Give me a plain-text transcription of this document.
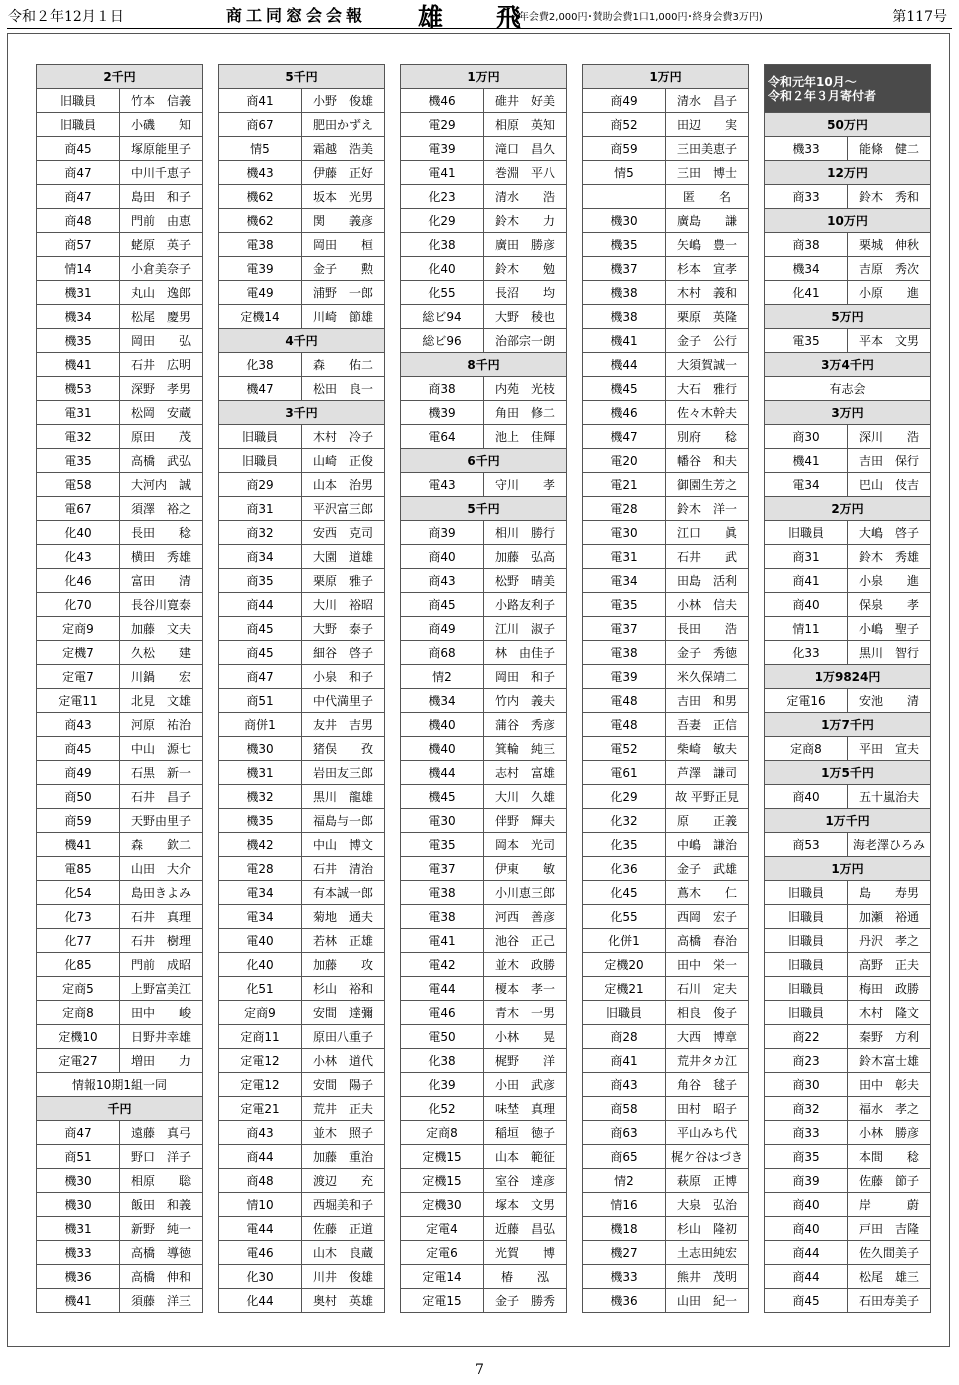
令和２年12月１日	商工同窓会会報 雄　飛
(年会費2,000円･賛助会費1口1,000円･終身会費3万円)	第117号
2千円	
旧職員	竹本　信義
旧職員	小磯　　知
商45	塚原能里子
商47	中川千恵子
商47	島田　和子
商48	門前　由恵
商57	蛯原　英子
情14	小倉美奈子
機31	丸山　逸郎
機34	松尾　慶男
機35	岡田　　弘
機41	石井　広明
機53	深野　孝男
電31	松岡　安蔵
電32	原田　　茂
電35	高橋　武弘
電58	大河内　誠
電67	須澤　裕之
化40	長田　　稔
化43	横田　秀雄
化46	富田　　清
化70	長谷川寛泰
定商9	加藤　文夫
定機7	久松　　建
定電7	川鍋　　宏
定電11	北見　文雄
商43	河原　祐治
商45	中山　源七
商49	石黒　新一
商50	石井　昌子
商59	天野由里子
機41	森　　欽二
電85	山田　大介
化54	島田きよみ
化73	石井　真理
化77	石井　樹理
化85	門前　成昭
定商5	上野富美江
定商8	田中　　峻
定機10	日野井幸雄
定電27	増田　　力
情報10期1組一同	
千円	
商47	遠藤　真弓
商51	野口　洋子
機30	相原　　聡
機30	飯田　和義
機31	新野　純一
機33	高橋　導徳
機36	高橋　伸和
機41	須藤　洋三
5千円	
商41	小野　俊雄
商67	肥田かずえ
情5	霜越　浩美
機43	伊藤　正好
機62	坂本　光男
機62	関　　義彦
電38	岡田　　桓
電39	金子　　勲
電49	浦野　一郎
定機14	川崎　節雄
4千円	
化38	森　　佑二
機47	松田　良一
3千円	
旧職員	木村　冷子
旧職員	山崎　正俊
商29	山本　治男
商31	平沢富三郎
商32	安西　克司
商34	大園　道雄
商35	栗原　雅子
商44	大川　裕昭
商45	大野　泰子
商45	細谷　啓子
商47	小泉　和子
商51	中代満里子
商併1	友井　吉男
機30	猪俣　　孜
機31	岩田友三郎
機32	黒川　龍雄
機35	福島与一郎
機42	中山　博文
電28	石井　清治
電34	有本誠一郎
電34	菊地　通夫
電40	若林　正雄
化40	加藤　　攻
化51	杉山　裕和
定商9	安間　達彌
定商11	原田八重子
定電12	小林　道代
定電12	安間　陽子
定電21	荒井　正夫
商43	並木　照子
商44	加藤　重治
商48	渡辺　　充
情10	西堀美和子
電44	佐藤　正道
電46	山木　良蔵
化30	川井　俊雄
化44	奥村　英雄
1万円	
機46	碓井　好美
電29	相原　英知
電39	滝口　昌久
電41	巻淵　平八
化23	清水　　浩
化29	鈴木　　力
化38	廣田　勝彦
化40	鈴木　　勉
化55	長沼　　均
総ビ94	大野　稜也
総ビ96	治部宗一朗
8千円	
商38	内苑　光枝
機39	角田　修二
電64	池上　佳輝
6千円	
電43	守川　　孝
5千円	
商39	相川　勝行
商40	加藤　弘高
商43	松野　晴美
商45	小路友利子
商49	江川　淑子
商68	林　由佳子
情2	岡田　和子
機34	竹内　義夫
機40	蒲谷　秀彦
機40	箕輪　純三
機44	志村　富雄
機45	大川　久雄
電30	伴野　輝夫
電35	岡本　光司
電37	伊東　　敏
電38	小川恵三郎
電38	河西　善彦
電41	池谷　正己
電42	並木　政勝
電44	榎本　孝一
電46	青木　一男
電50	小林　　晃
化38	梶野　　洋
化39	小田　武彦
化52	味埜　真理
定商8	稲垣　徳子
定機15	山本　範征
定機15	室谷　達彦
定機30	塚本　文男
定電4	近藤　昌弘
定電6	光賀　　博
定電14	椿　　泓
定電15	金子　勝秀
1万円	
商49	清水　昌子
商52	田辺　　実
商59	三田美恵子
情5	三田　博士
	匿　　名
機30	廣島　　謙
機35	矢嶋　豊一
機37	杉本　宣孝
機38	木村　義和
機38	栗原　英隆
機41	金子　公行
機44	大須賀誠一
機45	大石　雅行
機46	佐々木幹夫
機47	別府　　稔
電20	幡谷　和夫
電21	御園生芳之
電28	鈴木　洋一
電30	江口　　眞
電31	石井　　武
電34	田島　活利
電35	小林　信夫
電37	長田　　浩
電38	金子　秀徳
電39	米久保靖二
電48	吉田　和男
電48	吾妻　正信
電52	柴崎　敏夫
電61	芦澤　謙司
化29	故 平野正見
化32	原　　正義
化35	中嶋　謙治
化36	金子　武雄
化45	蔦木　　仁
化55	西岡　宏子
化併1	高橋　春治
定機20	田中　栄一
定機21	石川　定夫
旧職員	相良　俊子
商28	大西　博章
商41	荒井タカ江
商43	角谷　毬子
商58	田村　昭子
商63	平山みち代
商65	梶ケ谷はづき
情2	萩原　正博
情16	大泉　弘治
機18	杉山　隆初
機27	土志田純宏
機33	熊井　茂明
機36	山田　紀一
令和元年10月～
令和２年３月寄付者	
50万円	
機33	能條　健二
12万円	
商33	鈴木　秀和
10万円	
商38	栗城　伸秋
機34	吉原　秀次
化41	小原　　進
5万円	
電35	平本　文男
3万4千円	
有志会	
3万円	
商30	深川　　浩
機41	吉田　保行
電34	巴山　伎吉
2万円	
旧職員	大嶋　啓子
商31	鈴木　秀雄
商41	小泉　　進
商40	保泉　　孝
情11	小嶋　聖子
化33	黒川　智行
1万9824円	
定電16	安池　　清
1万7千円	
定商8	平田　宣夫
1万5千円	
商40	五十嵐治夫
1万千円	
商53	海老澤ひろみ
1万円	
旧職員	島　　寿男
旧職員	加瀬　裕通
旧職員	丹沢　孝之
旧職員	高野　正夫
旧職員	梅田　政勝
旧職員	木村　隆文
商22	秦野　方利
商23	鈴木富士雄
商30	田中　彰夫
商32	福水　孝之
商33	小林　勝彦
商35	本間　　稔
商39	佐藤　節子
商40	岸　　　蔚
商40	戸田　吉隆
商44	佐久間美子
商44	松尾　雄三
商45	石田寿美子
7
